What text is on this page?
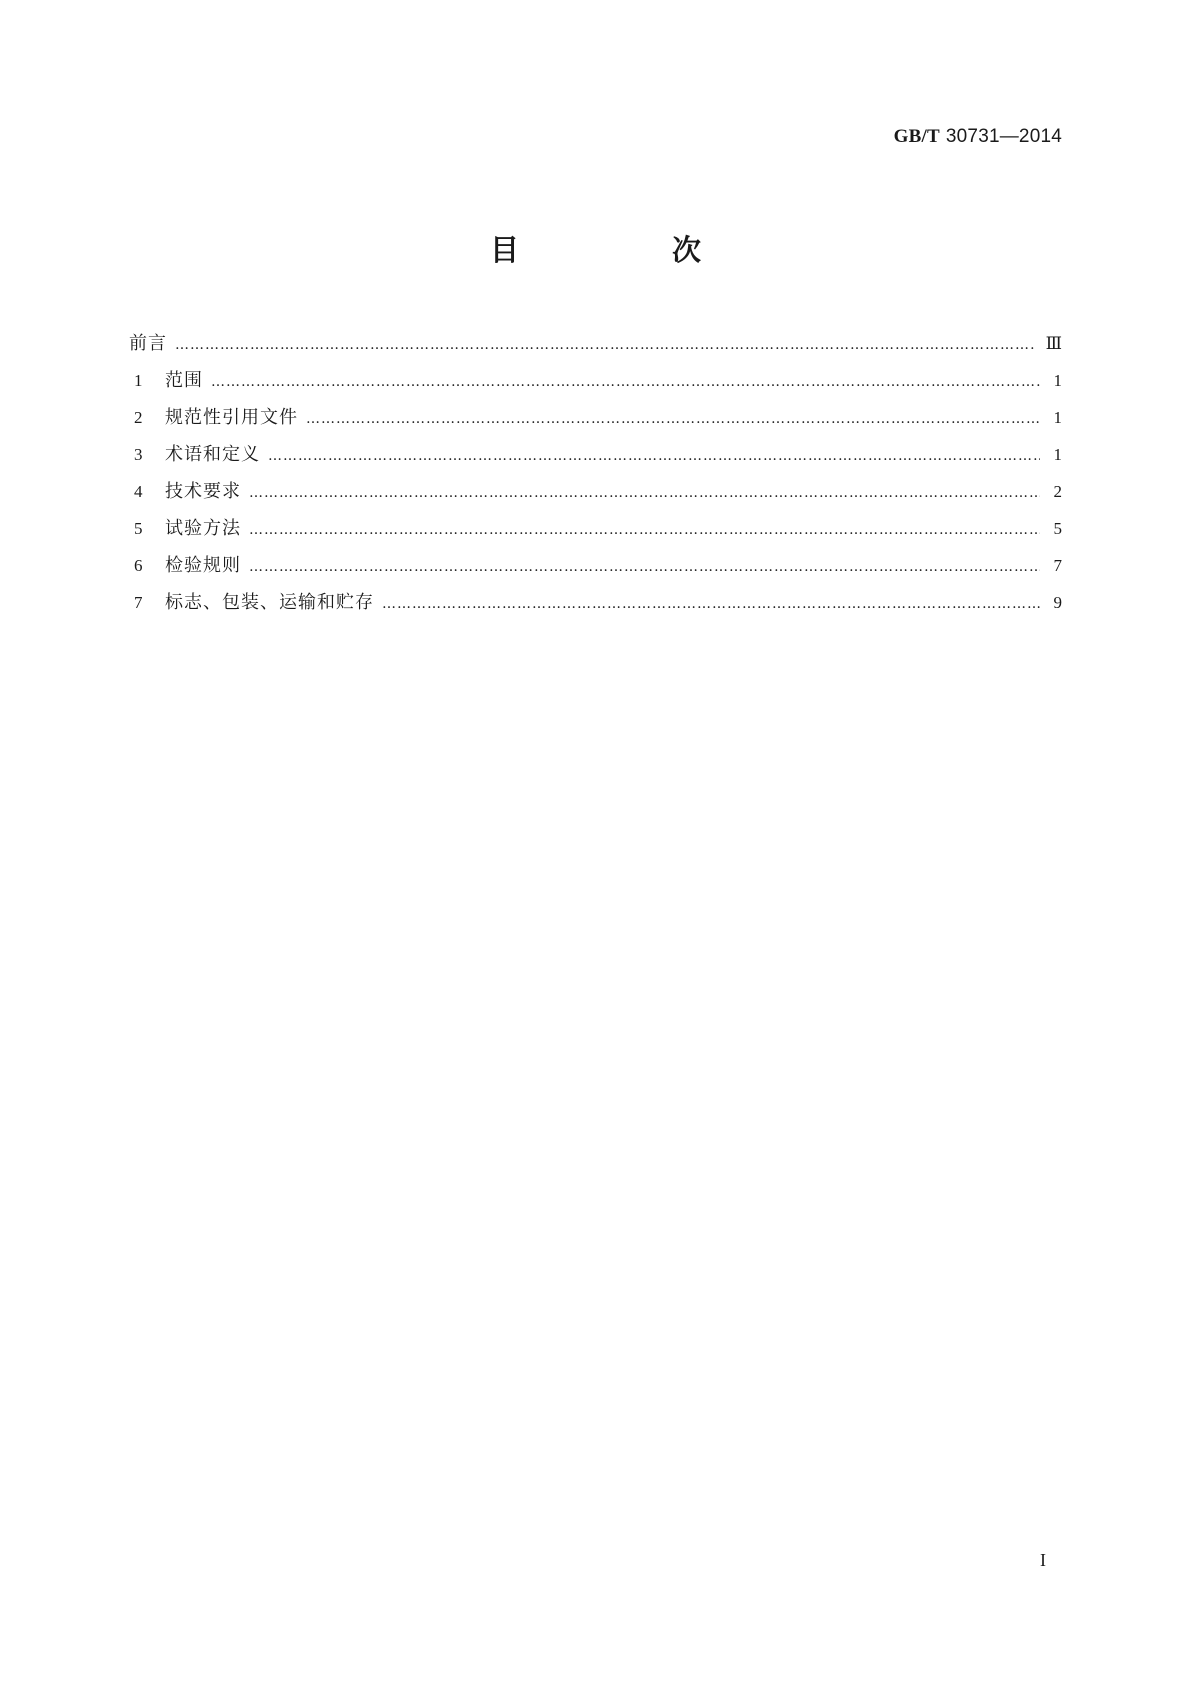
GB/T 30731—2014
目　次
前言 …………………………………………………………………………………………………………………………………………………………………………………………………………………………………………	Ⅲ
1	范围 …………………………………………………………………………………………………………………………………………………………………………………………………………………………………………	1
2	规范性引用文件 …………………………………………………………………………………………………………………………………………………………………………………………………………………………………………	1
3	术语和定义 …………………………………………………………………………………………………………………………………………………………………………………………………………………………………………	1
4	技术要求 …………………………………………………………………………………………………………………………………………………………………………………………………………………………………………	2
5	试验方法 …………………………………………………………………………………………………………………………………………………………………………………………………………………………………………	5
6	检验规则 …………………………………………………………………………………………………………………………………………………………………………………………………………………………………………	7
7	标志、包装、运输和贮存 …………………………………………………………………………………………………………………………………………………………………………………………………………………………………………	9
I
